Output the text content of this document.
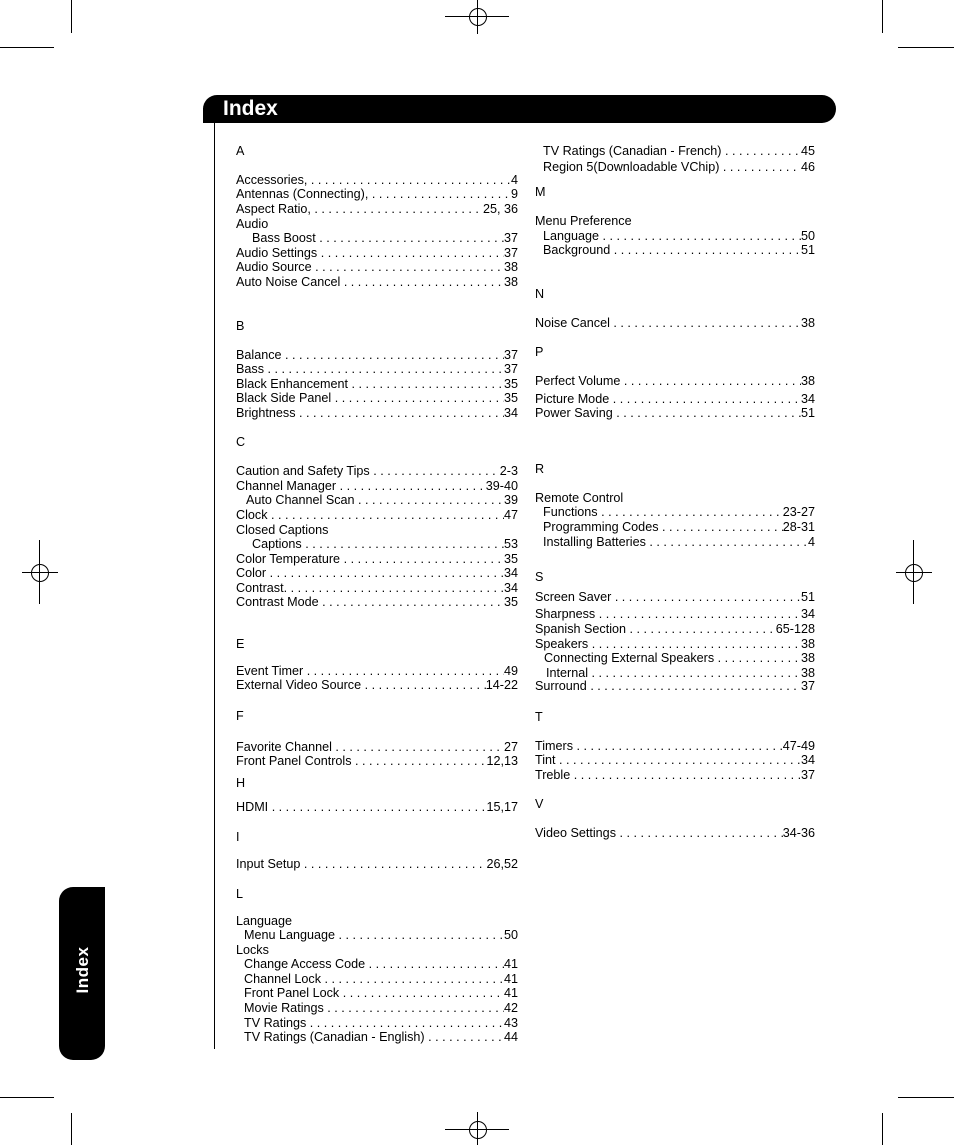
Index
Index
A
Accessories, . . .	4
Antennas (Connecting), . . .	9
Aspect Ratio, . . .	25, 36
Audio
Bass Boost . . .	37
Audio Settings . . .	37
Audio Source . . .	38
Auto Noise Cancel . . .	38
B
Balance . . .	37
Bass . . .	37
Black Enhancement . . .	35
Black Side Panel . . .	35
Brightness . . .	34
C
Caution and Safety Tips . . .	2-3
Channel Manager . . .	39-40
Auto Channel Scan . . .	39
Clock . . .	47
Closed Captions
Captions . . .	53
Color Temperature . . .	35
Color . . .	34
Contrast. . . .	34
Contrast Mode . . .	35
E
Event Timer . . .	49
External Video Source . . .	14-22
F
Favorite Channel . . .	27
Front Panel Controls . . .	12,13
H
HDMI . . .	15,17
I
Input Setup . . .	26,52
L
Language
Menu Language . . .	50
Locks
Change Access Code . . .	41
Channel Lock . . .	41
Front Panel Lock . . .	41
Movie Ratings . . .	42
TV Ratings . . .	43
TV Ratings (Canadian - English) . . .	44
TV Ratings (Canadian - French) . . .	45
Region 5(Downloadable VChip) . . .	46
M
Menu Preference
Language . . .	50
Background . . .	51
N
Noise Cancel . . .	38
P
Perfect Volume . . .	38
Picture Mode . . .	34
Power Saving . . .	51
R
Remote Control
Functions . . .	23-27
Programming Codes . . .	28-31
Installing Batteries . . .	4
S
Screen Saver . . .	51
Sharpness . . .	34
Spanish Section . . .	65-128
Speakers . . .	38
Connecting External Speakers . . .	38
Internal . . .	38
Surround . . .	37
T
Timers . . .	47-49
Tint . . .	34
Treble . . .	37
V
Video Settings . . .	34-36
